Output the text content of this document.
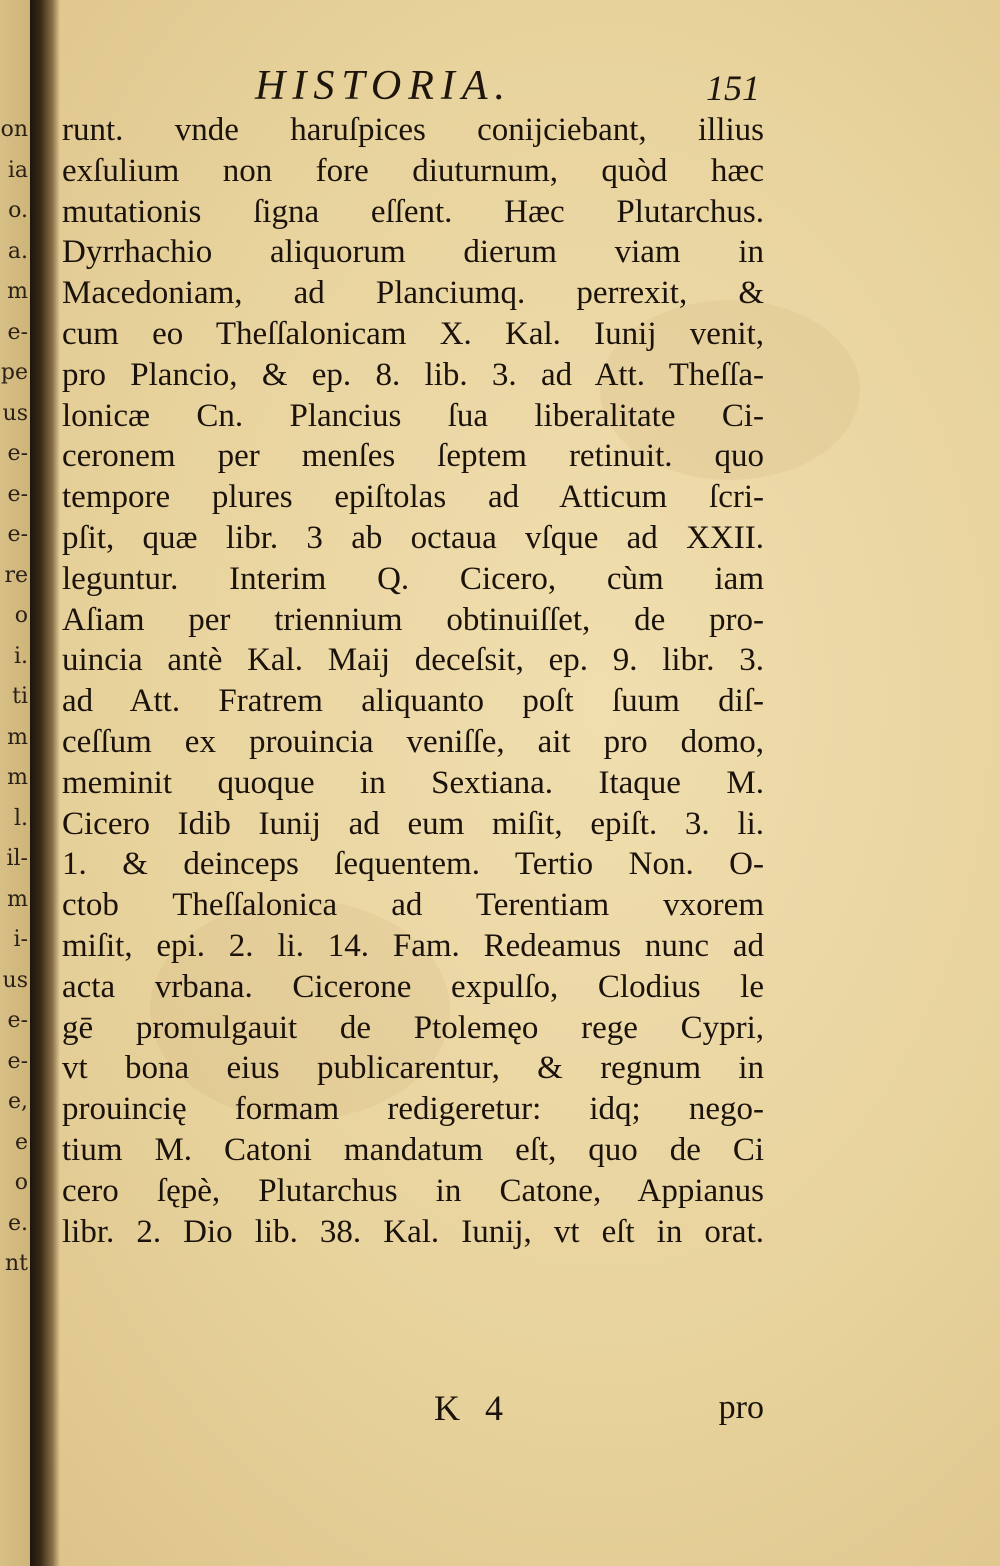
on
ia
o.
a.
m
e-
pe
us
e-
e-
e-
re
o
i.
ti
m
m
l.
il-
m
i-
us
e-
e-
e,
e
o
e.
nt
HISTORIA.	151
runt. vnde haruſpices conijciebant, illius
exſulium non fore diuturnum, quòd hæc
mutationis ſigna eſſent. Hæc Plutarchus.
Dyrrhachio aliquorum dierum viam in
Macedoniam, ad Planciumq. perrexit, &
cum eo Theſſalonicam X. Kal. Iunij venit,
pro Plancio, & ep. 8. lib. 3. ad Att. Theſſa-
lonicæ Cn. Plancius ſua liberalitate Ci-
ceronem per menſes ſeptem retinuit. quo
tempore plures epiſtolas ad Atticum ſcri-
pſit, quæ libr. 3 ab octaua vſque ad XXII.
leguntur. Interim Q. Cicero, cùm iam
Aſiam per triennium obtinuiſſet, de pro-
uincia antè Kal. Maij deceſsit, ep. 9. libr. 3.
ad Att. Fratrem aliquanto poſt ſuum diſ-
ceſſum ex prouincia veniſſe, ait pro domo,
meminit quoque in Sextiana. Itaque M.
Cicero Idib Iunij ad eum miſit, epiſt. 3. li.
1. & deinceps ſequentem. Tertio Non. O-
ctob Theſſalonica ad Terentiam vxorem
miſit, epi. 2. li. 14. Fam. Redeamus nunc ad
acta vrbana. Cicerone expulſo, Clodius le
gē promulgauit de Ptolemęo rege Cypri,
vt bona eius publicarentur, & regnum in
prouincię formam redigeretur: idq; nego-
tium M. Catoni mandatum eſt, quo de Ci
cero ſępè, Plutarchus in Catone, Appianus
libr. 2. Dio lib. 38. Kal. Iunij, vt eſt in orat.
K 4	pro
